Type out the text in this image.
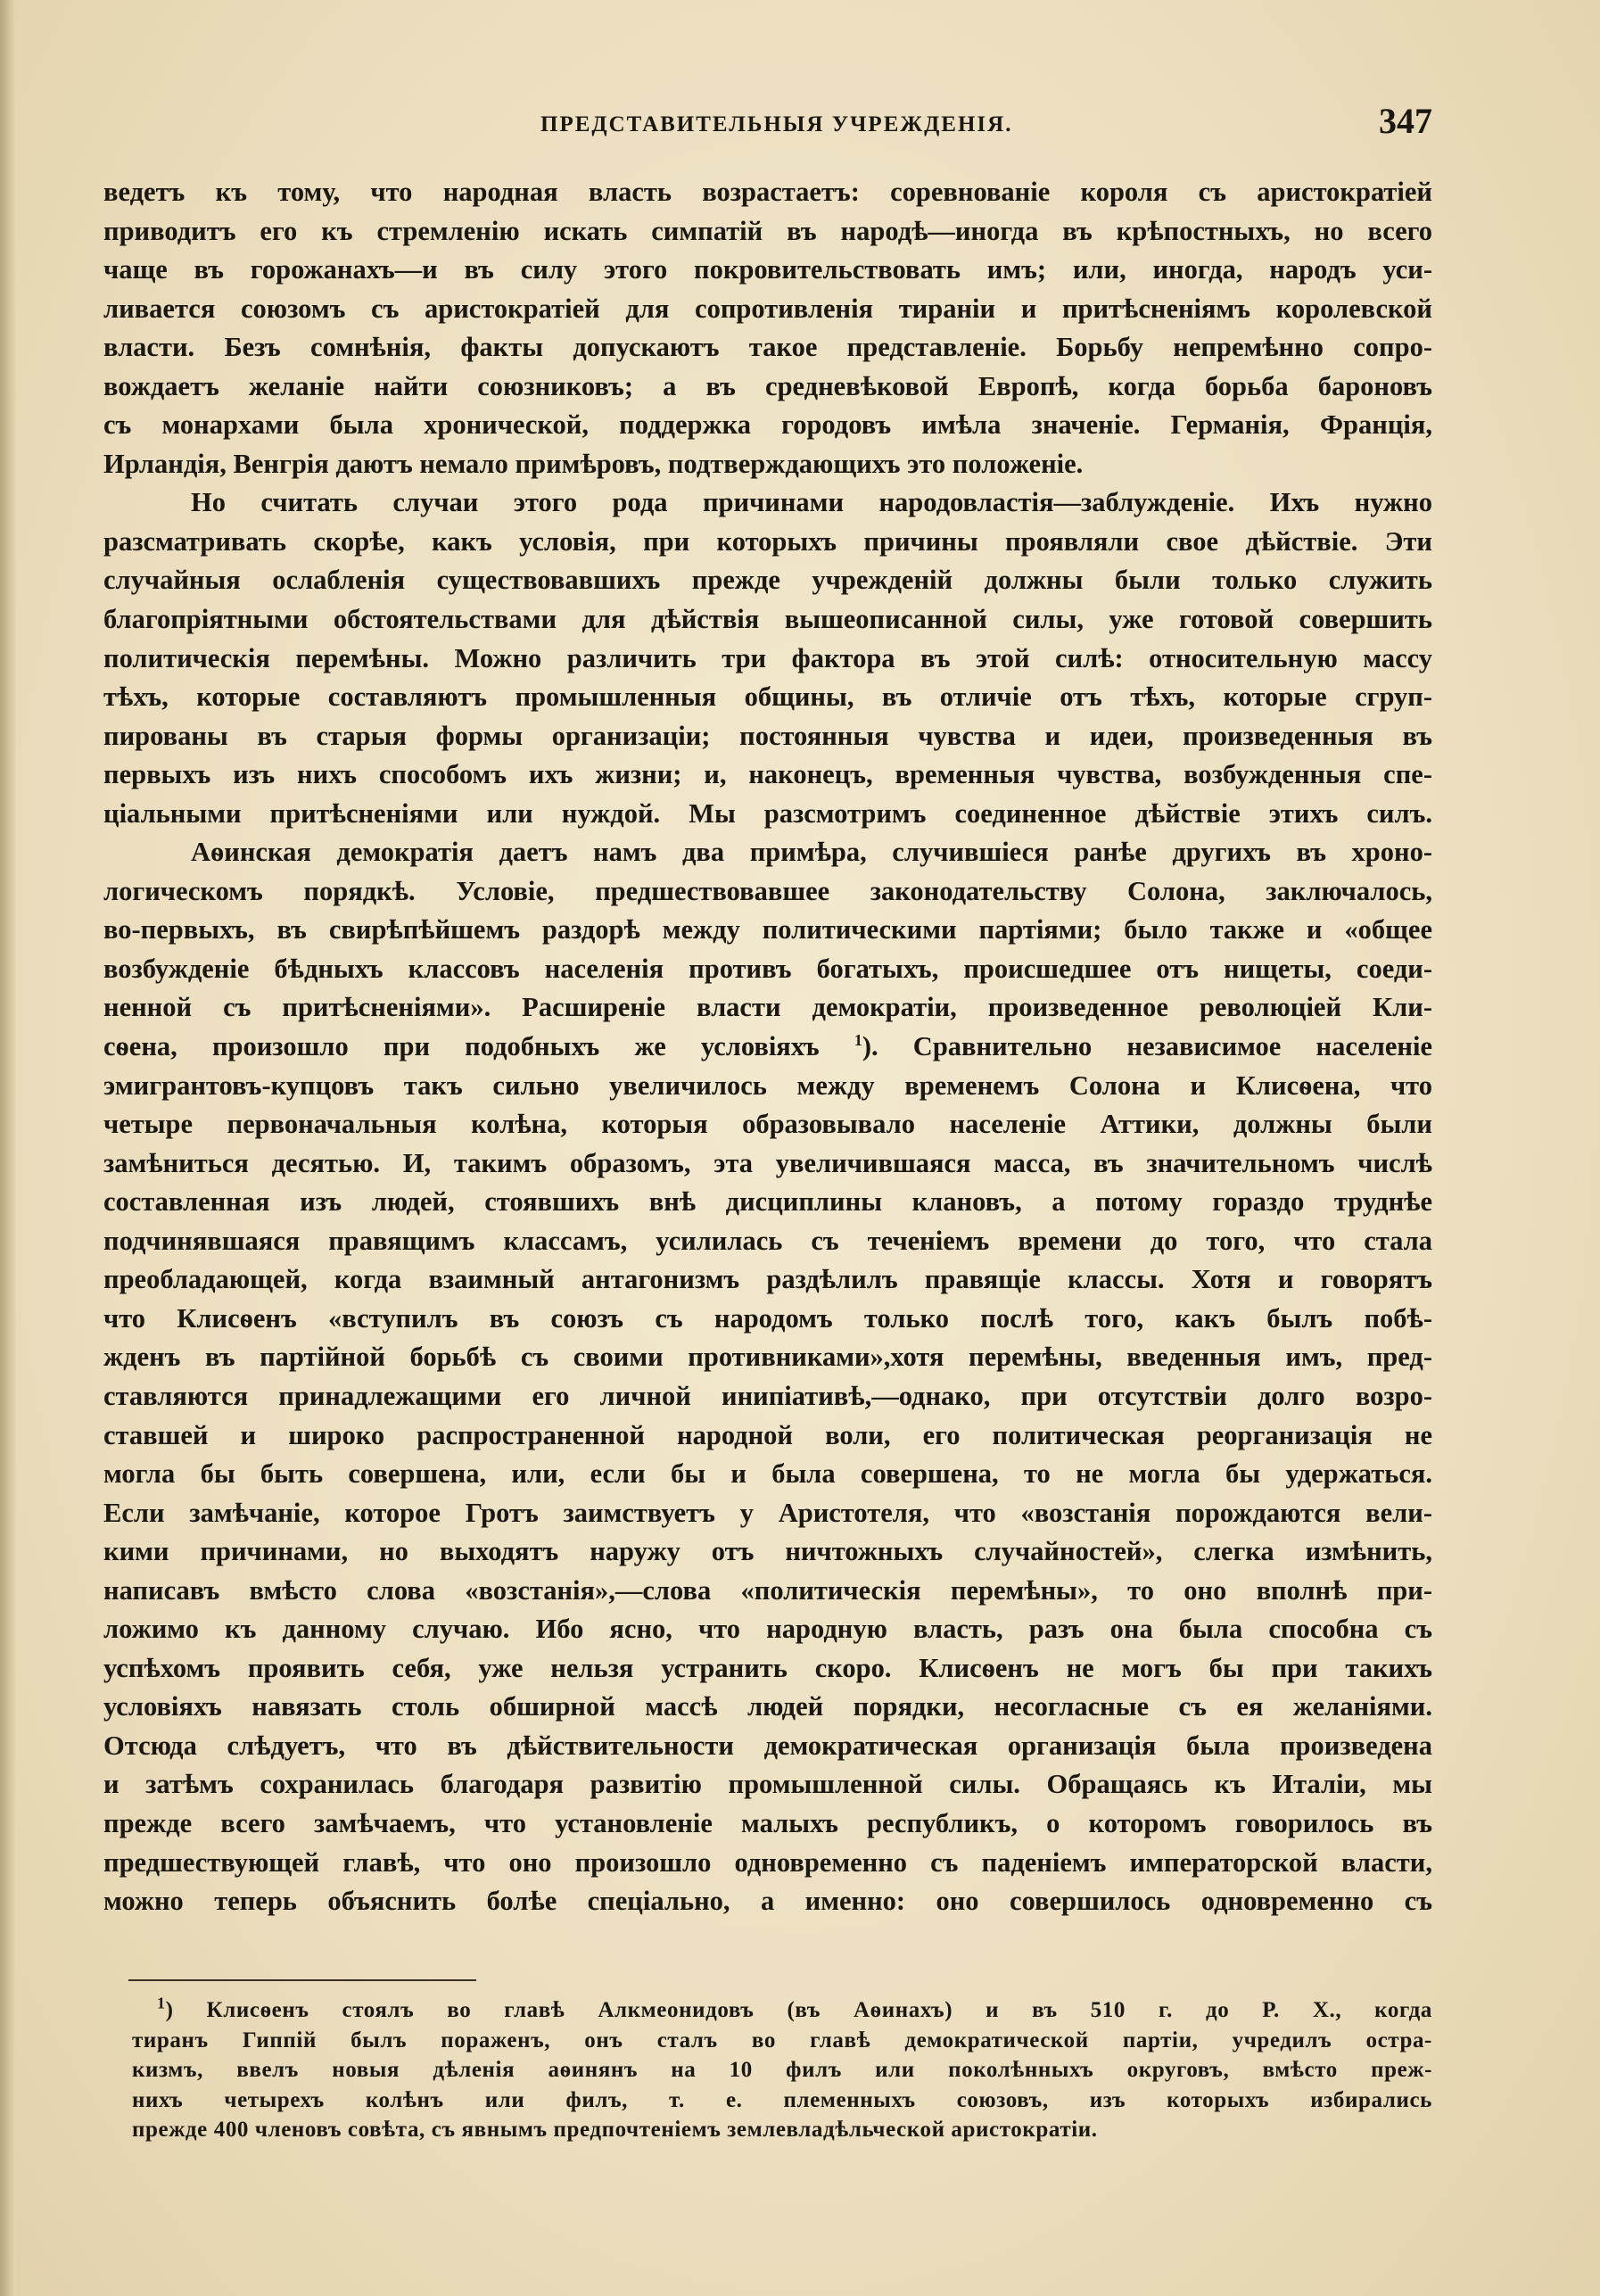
ПРЕДСТАВИТЕЛЬНЫЯ УЧРЕЖДЕНІЯ.	347
ведетъ къ тому, что народная власть возрастаетъ: соревнованіе короля съ аристократіей
приводитъ его къ стремленію искать симпатій въ народѣ—иногда въ крѣпостныхъ, но всего
чаще въ горожанахъ—и въ силу этого покровительствовать имъ; или, иногда, народъ уси-
ливается союзомъ съ аристократіей для сопротивленія тираніи и притѣсненіямъ королевской
власти. Безъ сомнѣнія, факты допускаютъ такое представленіе. Борьбу непремѣнно сопро-
вождаетъ желаніе найти союзниковъ; а въ средневѣковой Европѣ, когда борьба бароновъ
съ монархами была хронической, поддержка городовъ имѣла значеніе. Германія, Франція,
Ирландія, Венгрія даютъ немало примѣровъ, подтверждающихъ это положеніе.
Но считать случаи этого рода причинами народовластія—заблужденіе. Ихъ нужно
разсматривать скорѣе, какъ условія, при которыхъ причины проявляли свое дѣйствіе. Эти
случайныя ослабленія существовавшихъ прежде учрежденій должны были только служить
благопріятными обстоятельствами для дѣйствія вышеописанной силы, уже готовой совершить
политическія перемѣны. Можно различить три фактора въ этой силѣ: относительную массу
тѣхъ, которые составляютъ промышленныя общины, въ отличіе отъ тѣхъ, которые сгруп-
пированы въ старыя формы организаціи; постоянныя чувства и идеи, произведенныя въ
первыхъ изъ нихъ способомъ ихъ жизни; и, наконецъ, временныя чувства, возбужденныя спе-
ціальными притѣсненіями или нуждой. Мы разсмотримъ соединенное дѣйствіе этихъ силъ.
Аѳинская демократія даетъ намъ два примѣра, случившіеся ранѣе другихъ въ хроно-
логическомъ порядкѣ. Условіе, предшествовавшее законодательству Солона, заключалось,
во-первыхъ, въ свирѣпѣйшемъ раздорѣ между политическими партіями; было также и «общее
возбужденіе бѣдныхъ классовъ населенія противъ богатыхъ, происшедшее отъ нищеты, соеди-
ненной съ притѣсненіями». Расширеніе власти демократіи, произведенное революціей Кли-
сѳена, произошло при подобныхъ же условіяхъ $^1$). Сравнительно независимое населеніе
эмигрантовъ-купцовъ такъ сильно увеличилось между временемъ Солона и Клисѳена, что
четыре первоначальныя колѣна, которыя образовывало населеніе Аттики, должны были
замѣниться десятью. И, такимъ образомъ, эта увеличившаяся масса, въ значительномъ числѣ
составленная изъ людей, стоявшихъ внѣ дисциплины клановъ, а потому гораздо труднѣе
подчинявшаяся правящимъ классамъ, усилилась съ теченіемъ времени до того, что стала
преобладающей, когда взаимный антагонизмъ раздѣлилъ правящіе классы. Хотя и говорятъ
что Клисѳенъ «вступилъ въ союзъ съ народомъ только послѣ того, какъ былъ побѣ-
жденъ въ партійной борьбѣ съ своими противниками»,хотя перемѣны, введенныя имъ, пред-
ставляются принадлежащими его личной инипіативѣ,—однако, при отсутствіи долго возро-
ставшей и широко распространенной народной воли, его политическая реорганизація не
могла бы быть совершена, или, если бы и была совершена, то не могла бы удержаться.
Если замѣчаніе, которое Гротъ заимствуетъ у Аристотеля, что «возстанія порождаются вели-
кими причинами, но выходятъ наружу отъ ничтожныхъ случайностей», слегка измѣнить,
написавъ вмѣсто слова «возстанія»,—слова «политическія перемѣны», то оно вполнѣ при-
ложимо къ данному случаю. Ибо ясно, что народную власть, разъ она была способна съ
успѣхомъ проявить себя, уже нельзя устранить скоро. Клисѳенъ не могъ бы при такихъ
условіяхъ навязать столь обширной массѣ людей порядки, несогласные съ ея желаніями.
Отсюда слѣдуетъ, что въ дѣйствительности демократическая организація была произведена
и затѣмъ сохранилась благодаря развитію промышленной силы. Обращаясь къ Италіи, мы
прежде всего замѣчаемъ, что установленіе малыхъ республикъ, о которомъ говорилось въ
предшествующей главѣ, что оно произошло одновременно съ паденіемъ императорской власти,
можно теперь объяснить болѣе спеціально, а именно: оно совершилось одновременно съ
$^1$) Клисѳенъ стоялъ во главѣ Алкмеонидовъ (въ Аѳинахъ) и въ 510 г. до Р. Х., когда
тиранъ Гиппій былъ пораженъ, онъ сталъ во главѣ демократической партіи, учредилъ остра-
кизмъ, ввелъ новыя дѣленія аѳинянъ на 10 филъ или поколѣнныхъ округовъ, вмѣсто преж-
нихъ четырехъ колѣнъ или филъ, т. е. племенныхъ союзовъ, изъ которыхъ избирались
прежде 400 членовъ совѣта, съ явнымъ предпочтеніемъ землевладѣльческой аристократіи.
